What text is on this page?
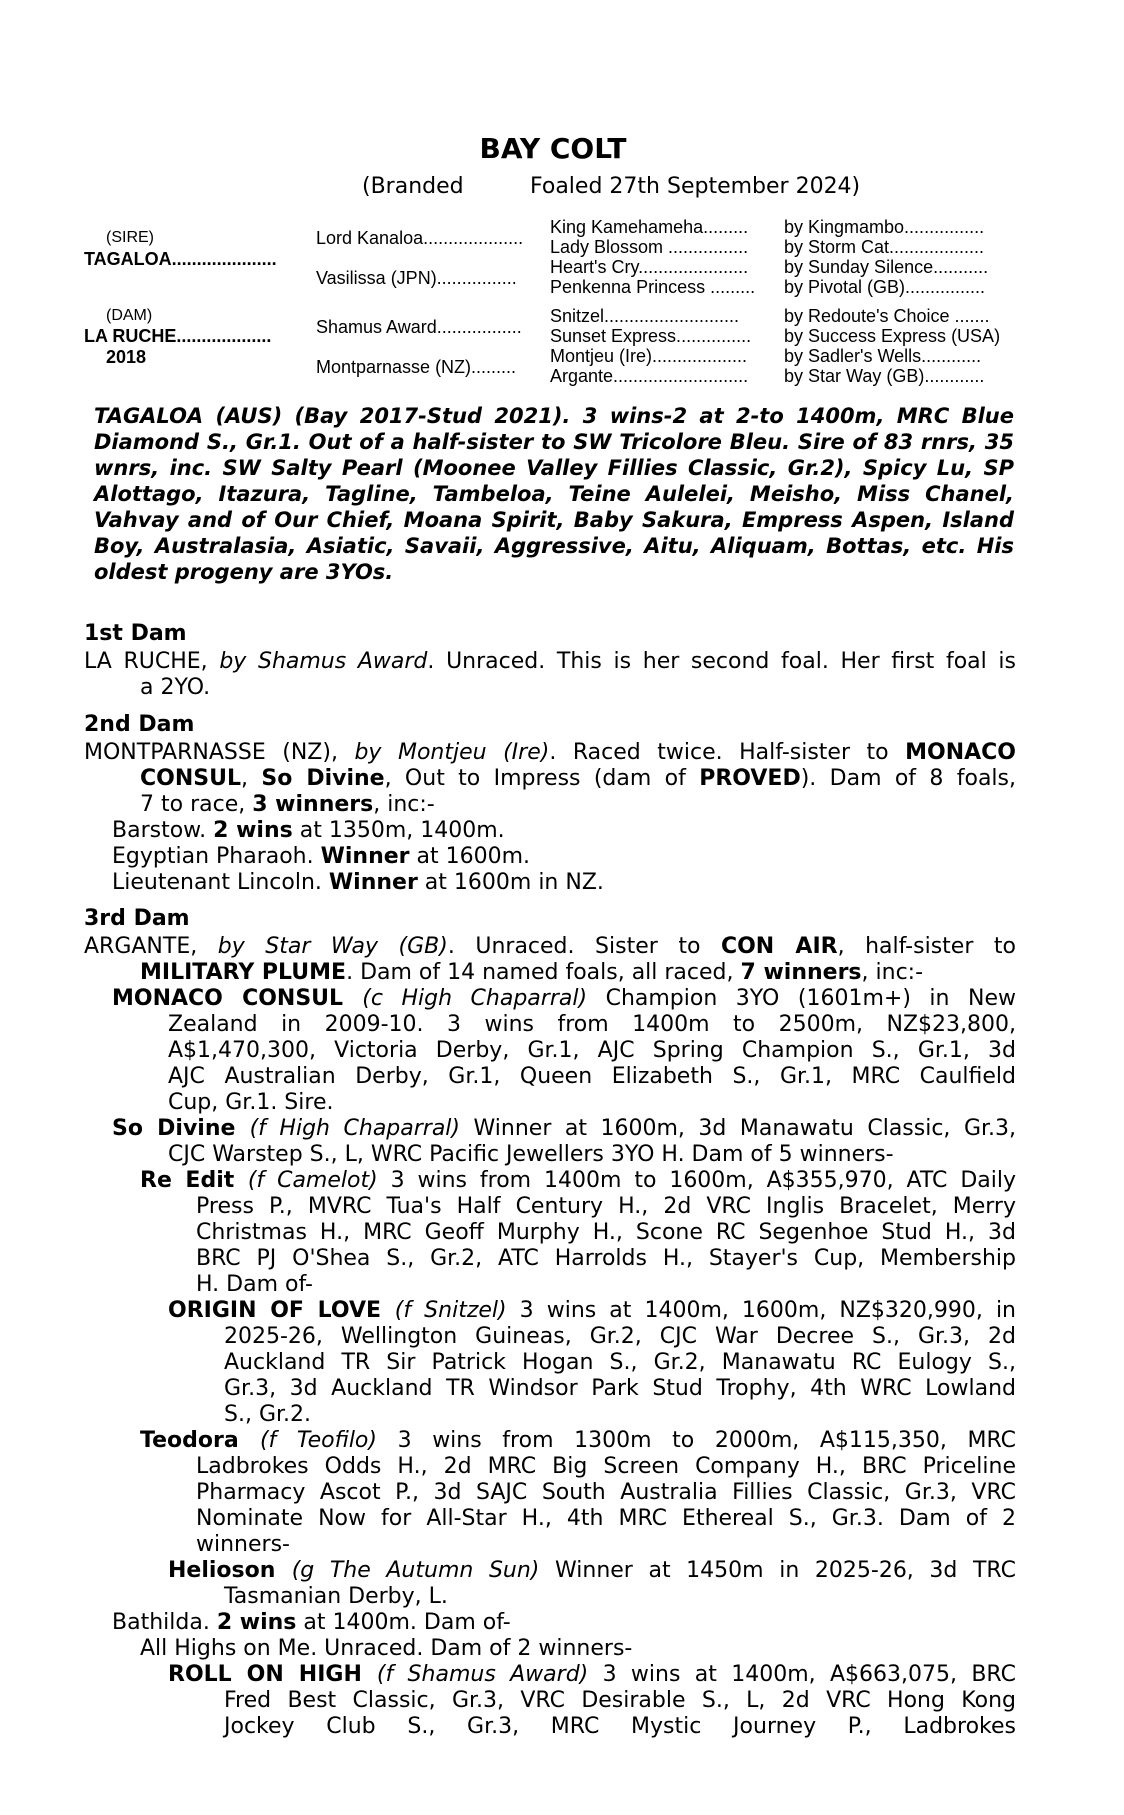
BAY COLT
(Branded	Foaled 27th September 2024)
(SIRE)
TAGALOA.....................
(DAM)
LA RUCHE...................
2018
Lord Kanaloa....................
Vasilissa (JPN)................
Shamus Award.................
Montparnasse (NZ).........
King Kamehameha.........
Lady Blossom ................
Heart's Cry......................
Penkenna Princess .........
Snitzel...........................
Sunset Express...............
Montjeu (Ire)...................
Argante...........................
by Kingmambo................
by Storm Cat...................
by Sunday Silence...........
by Pivotal (GB)................
by Redoute's Choice .......
by Success Express (USA)
by Sadler's Wells............
by Star Way (GB)............
TAGALOA (AUS) (Bay 2017-Stud 2021). 3 wins-2 at 2-to 1400m, MRC Blue
Diamond S., Gr.1. Out of a half-sister to SW Tricolore Bleu. Sire of 83 rnrs, 35
wnrs, inc. SW Salty Pearl (Moonee Valley Fillies Classic, Gr.2), Spicy Lu, SP
Alottago, Itazura, Tagline, Tambeloa, Teine Aulelei, Meisho, Miss Chanel,
Vahvay and of Our Chief, Moana Spirit, Baby Sakura, Empress Aspen, Island
Boy, Australasia, Asiatic, Savaii, Aggressive, Aitu, Aliquam, Bottas, etc. His
oldest progeny are 3YOs.
1st Dam
LA RUCHE, by Shamus Award. Unraced. This is her second foal. Her first foal is
a 2YO.
2nd Dam
MONTPARNASSE (NZ), by Montjeu (Ire). Raced twice. Half-sister to MONACO
CONSUL, So Divine, Out to Impress (dam of PROVED). Dam of 8 foals,
7 to race, 3 winners, inc:-
Barstow. 2 wins at 1350m, 1400m.
Egyptian Pharaoh. Winner at 1600m.
Lieutenant Lincoln. Winner at 1600m in NZ.
3rd Dam
ARGANTE, by Star Way (GB). Unraced. Sister to CON AIR, half-sister to
MILITARY PLUME. Dam of 14 named foals, all raced, 7 winners, inc:-
MONACO CONSUL (c High Chaparral) Champion 3YO (1601m+) in New
Zealand in 2009-10. 3 wins from 1400m to 2500m, NZ$23,800,
A$1,470,300, Victoria Derby, Gr.1, AJC Spring Champion S., Gr.1, 3d
AJC Australian Derby, Gr.1, Queen Elizabeth S., Gr.1, MRC Caulfield
Cup, Gr.1. Sire.
So Divine (f High Chaparral) Winner at 1600m, 3d Manawatu Classic, Gr.3,
CJC Warstep S., L, WRC Pacific Jewellers 3YO H. Dam of 5 winners-
Re Edit (f Camelot) 3 wins from 1400m to 1600m, A$355,970, ATC Daily
Press P., MVRC Tua's Half Century H., 2d VRC Inglis Bracelet, Merry
Christmas H., MRC Geoff Murphy H., Scone RC Segenhoe Stud H., 3d
BRC PJ O'Shea S., Gr.2, ATC Harrolds H., Stayer's Cup, Membership
H. Dam of-
ORIGIN OF LOVE (f Snitzel) 3 wins at 1400m, 1600m, NZ$320,990, in
2025-26, Wellington Guineas, Gr.2, CJC War Decree S., Gr.3, 2d
Auckland TR Sir Patrick Hogan S., Gr.2, Manawatu RC Eulogy S.,
Gr.3, 3d Auckland TR Windsor Park Stud Trophy, 4th WRC Lowland
S., Gr.2.
Teodora (f Teofilo) 3 wins from 1300m to 2000m, A$115,350, MRC
Ladbrokes Odds H., 2d MRC Big Screen Company H., BRC Priceline
Pharmacy Ascot P., 3d SAJC South Australia Fillies Classic, Gr.3, VRC
Nominate Now for All-Star H., 4th MRC Ethereal S., Gr.3. Dam of 2
winners-
Helioson (g The Autumn Sun) Winner at 1450m in 2025-26, 3d TRC
Tasmanian Derby, L.
Bathilda. 2 wins at 1400m. Dam of-
All Highs on Me. Unraced. Dam of 2 winners-
ROLL ON HIGH (f Shamus Award) 3 wins at 1400m, A$663,075, BRC
Fred Best Classic, Gr.3, VRC Desirable S., L, 2d VRC Hong Kong
Jockey Club S., Gr.3, MRC Mystic Journey P., Ladbrokes
